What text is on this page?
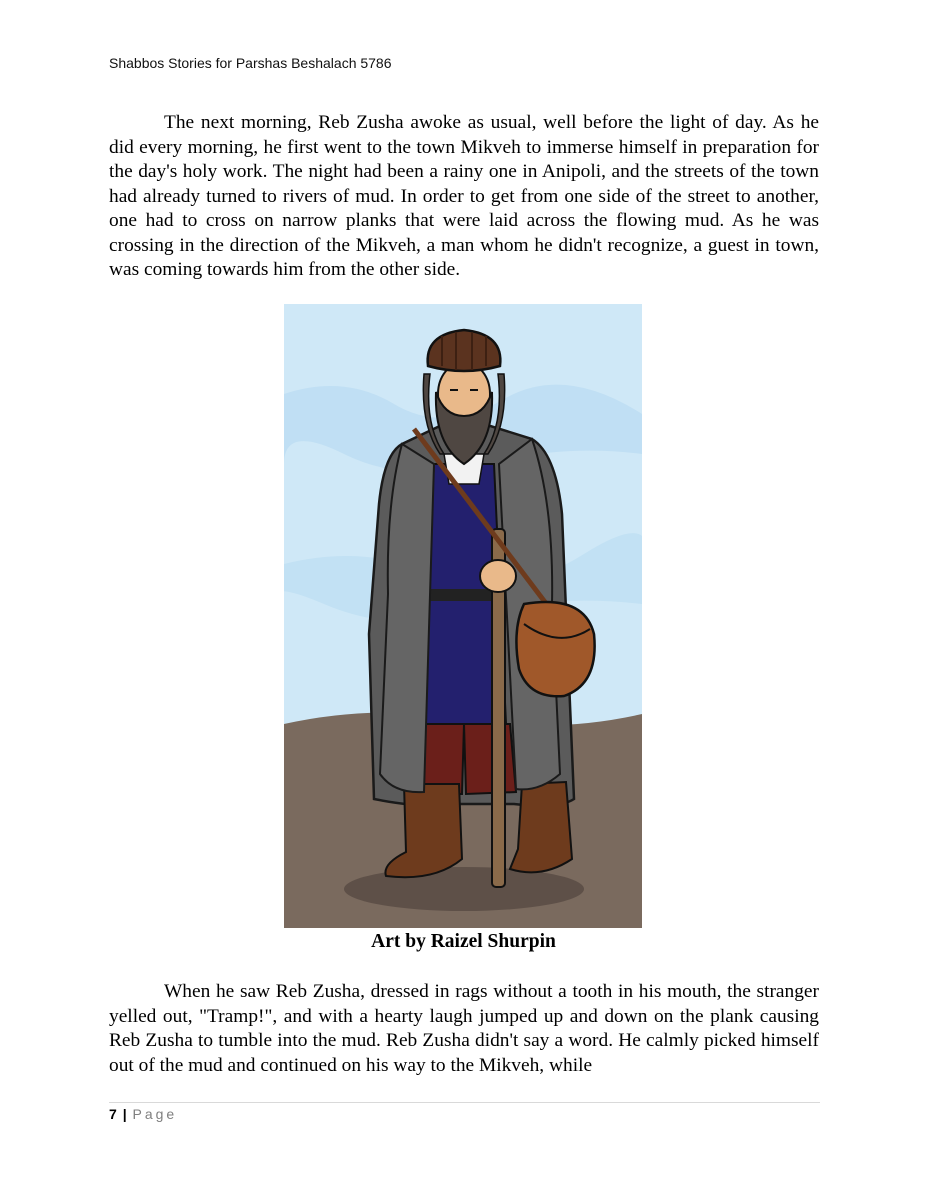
Shabbos Stories for Parshas Beshalach 5786

The next morning, Reb Zusha awoke as usual, well before the light of day. As he did every morning, he first went to the town Mikveh to immerse himself in preparation for the day's holy work. The night had been a rainy one in Anipoli, and the streets of the town had already turned to rivers of mud. In order to get from one side of the street to another, one had to cross on narrow planks that were laid across the flowing mud. As he was crossing in the direction of the Mikveh, a man whom he didn't recognize, a guest in town, was coming towards him from the other side.

Art by Raizel Shurpin

When he saw Reb Zusha, dressed in rags without a tooth in his mouth, the stranger yelled out, "Tramp!", and with a hearty laugh jumped up and down on the plank causing Reb Zusha to tumble into the mud. Reb Zusha didn't say a word. He calmly picked himself out of the mud and continued on his way to the Mikveh, while

7 | Page
